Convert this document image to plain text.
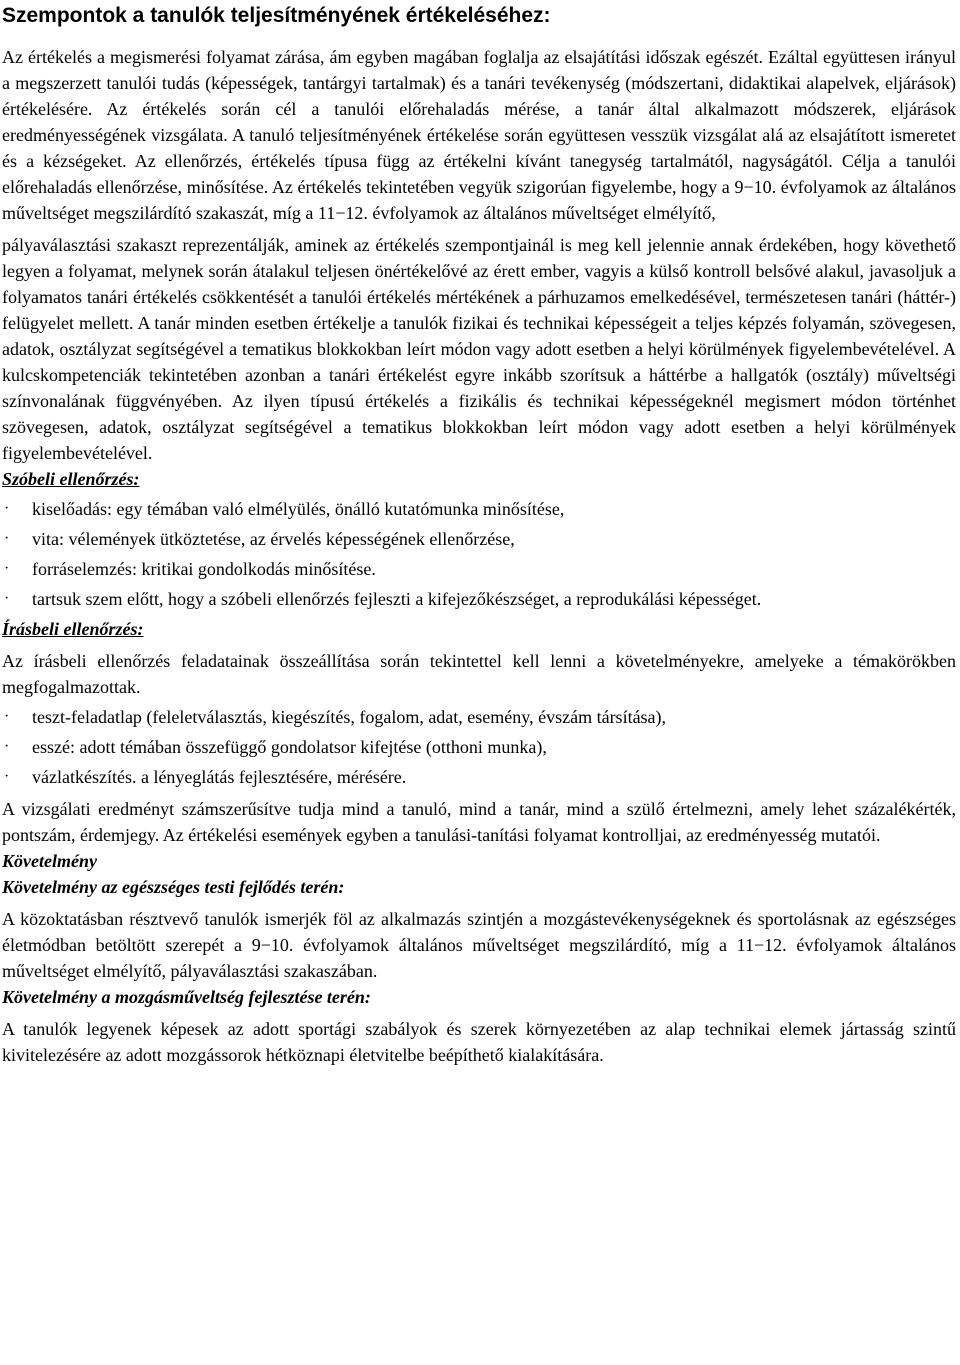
Szempontok a tanulók teljesítményének értékeléséhez:

Az értékelés a megismerési folyamat zárása, ám egyben magában foglalja az elsajátítási időszak egészét. Ezáltal együttesen irányul a megszerzett tanulói tudás (képességek, tantárgyi tartalmak) és a tanári tevékenység (módszertani, didaktikai alapelvek, eljárások) értékelésére. Az értékelés során cél a tanulói előrehaladás mérése, a tanár által alkalmazott módszerek, eljárások eredményességének vizsgálata. A tanuló teljesítményének értékelése során együttesen vesszük vizsgálat alá az elsajátított ismeretet és a kézségeket. Az ellenőrzés, értékelés típusa függ az értékelni kívánt tanegység tartalmától, nagyságától. Célja a tanulói előrehaladás ellenőrzése, minősítése. Az értékelés tekintetében vegyük szigorúan figyelembe, hogy a 9−10. évfolyamok az általános műveltséget megszilárdító szakaszát, míg a 11−12. évfolyamok az általános műveltséget elmélyítő,

pályaválasztási szakaszt reprezentálják, aminek az értékelés szempontjainál is meg kell jelennie annak érdekében, hogy követhető legyen a folyamat, melynek során átalakul teljesen önértékelővé az érett ember, vagyis a külső kontroll belsővé alakul, javasoljuk a folyamatos tanári értékelés csökkentését a tanulói értékelés mértékének a párhuzamos emelkedésével, természetesen tanári (háttér-) felügyelet mellett. A tanár minden esetben értékelje a tanulók fizikai és technikai képességeit a teljes képzés folyamán, szövegesen, adatok, osztályzat segítségével a tematikus blokkokban leírt módon vagy adott esetben a helyi körülmények figyelembevételével. A kulcskompetenciák tekintetében azonban a tanári értékelést egyre inkább szorítsuk a háttérbe a hallgatók (osztály) műveltségi színvonalának függvényében. Az ilyen típusú értékelés a fizikális és technikai képességeknél megismert módon történhet szövegesen, adatok, osztályzat segítségével a tematikus blokkokban leírt módon vagy adott esetben a helyi körülmények figyelembevételével.

Szóbeli ellenőrzés:
· kiselőadás: egy témában való elmélyülés, önálló kutatómunka minősítése,
· vita: vélemények ütköztetése, az érvelés képességének ellenőrzése,
· forráselemzés: kritikai gondolkodás minősítése.
· tartsuk szem előtt, hogy a szóbeli ellenőrzés fejleszti a kifejezőkészséget, a reprodukálási képességet.
Írásbeli ellenőrzés:

Az írásbeli ellenőrzés feladatainak összeállítása során tekintettel kell lenni a követelményekre, amelyeke a témakörökben megfogalmazottak.

· teszt-feladatlap (feleletválasztás, kiegészítés, fogalom, adat, esemény, évszám társítása),
· esszé: adott témában összefüggő gondolatsor kifejtése (otthoni munka),
· vázlatkészítés. a lényeglátás fejlesztésére, mérésére.

A vizsgálati eredményt számszerűsítve tudja mind a tanuló, mind a tanár, mind a szülő értelmezni, amely lehet százalékérték, pontszám, érdemjegy. Az értékelési események egyben a tanulási-tanítási folyamat kontrolljai, az eredményesség mutatói.

Követelmény
Követelmény az egészséges testi fejlődés terén:

A közoktatásban résztvevő tanulók ismerjék föl az alkalmazás szintjén a mozgástevékenységeknek és sportolásnak az egészséges életmódban betöltött szerepét a 9−10. évfolyamok általános műveltséget megszilárdító, míg a 11−12. évfolyamok általános műveltséget elmélyítő, pályaválasztási szakaszában.

Követelmény a mozgásműveltség fejlesztése terén:

A tanulók legyenek képesek az adott sportági szabályok és szerek környezetében az alap technikai elemek jártasság szintű kivitelezésére az adott mozgássorok hétköznapi életvitelbe beépíthető kialakítására.
